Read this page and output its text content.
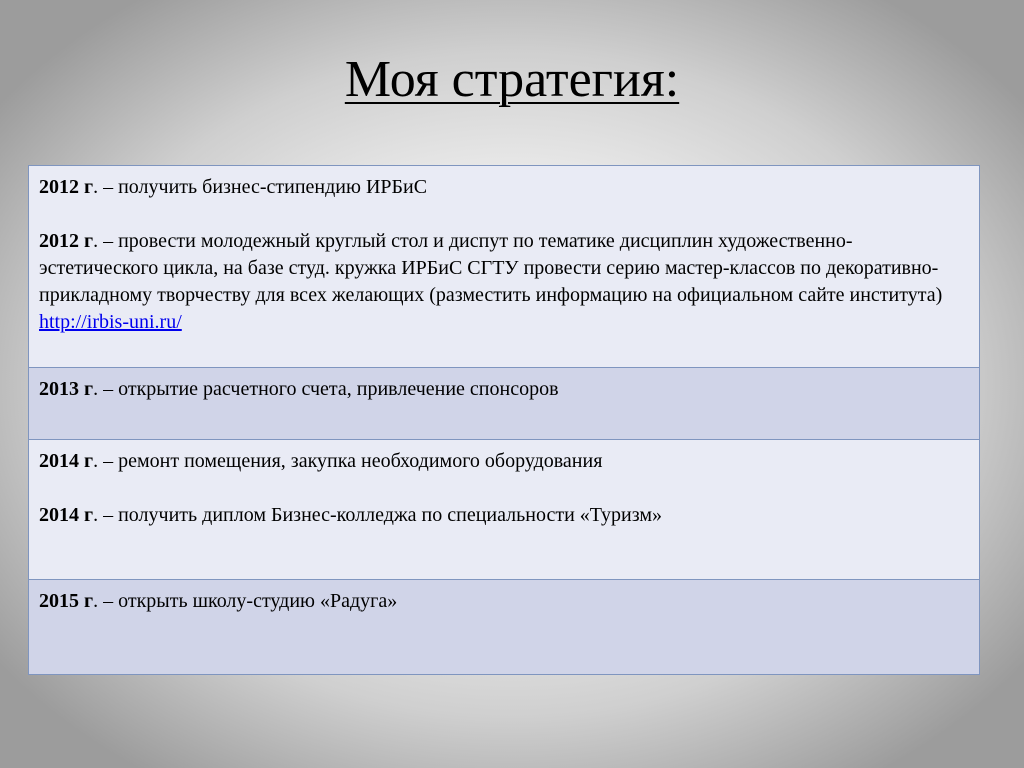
Моя стратегия:

2012 г. – получить бизнес-стипендию ИРБиС

2012 г. – провести молодежный круглый стол и диспут по тематике дисциплин художественно-эстетического цикла, на базе студ. кружка ИРБиС СГТУ провести серию мастер-классов по декоративно-прикладному творчеству для всех желающих (разместить информацию на официальном сайте института) http://irbis-uni.ru/

2013 г. – открытие расчетного счета, привлечение спонсоров

2014 г. – ремонт помещения, закупка необходимого оборудования

2014 г. – получить диплом Бизнес-колледжа по специальности «Туризм»

2015 г. – открыть школу-студию «Радуга»
